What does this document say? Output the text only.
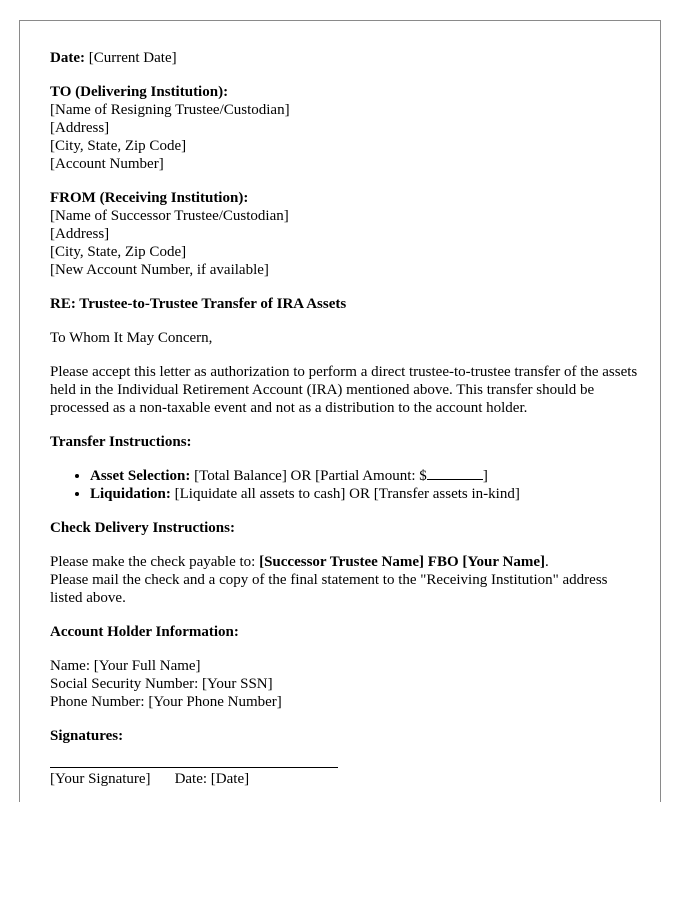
Date: [Current Date]
TO (Delivering Institution):
[Name of Resigning Trustee/Custodian]
[Address]
[City, State, Zip Code]
[Account Number]
FROM (Receiving Institution):
[Name of Successor Trustee/Custodian]
[Address]
[City, State, Zip Code]
[New Account Number, if available]
RE: Trustee-to-Trustee Transfer of IRA Assets
To Whom It May Concern,
Please accept this letter as authorization to perform a direct trustee-to-trustee transfer of the assets held in the Individual Retirement Account (IRA) mentioned above. This transfer should be processed as a non-taxable event and not as a distribution to the account holder.
Transfer Instructions:
• Asset Selection: [Total Balance] OR [Partial Amount: $	]
• Liquidation: [Liquidate all assets to cash] OR [Transfer assets in-kind]
Check Delivery Instructions:
Please make the check payable to: [Successor Trustee Name] FBO [Your Name].
Please mail the check and a copy of the final statement to the "Receiving Institution" address listed above.
Account Holder Information:
Name: [Your Full Name]
Social Security Number: [Your SSN]
Phone Number: [Your Phone Number]
Signatures:
[Your Signature] Date: [Date]
